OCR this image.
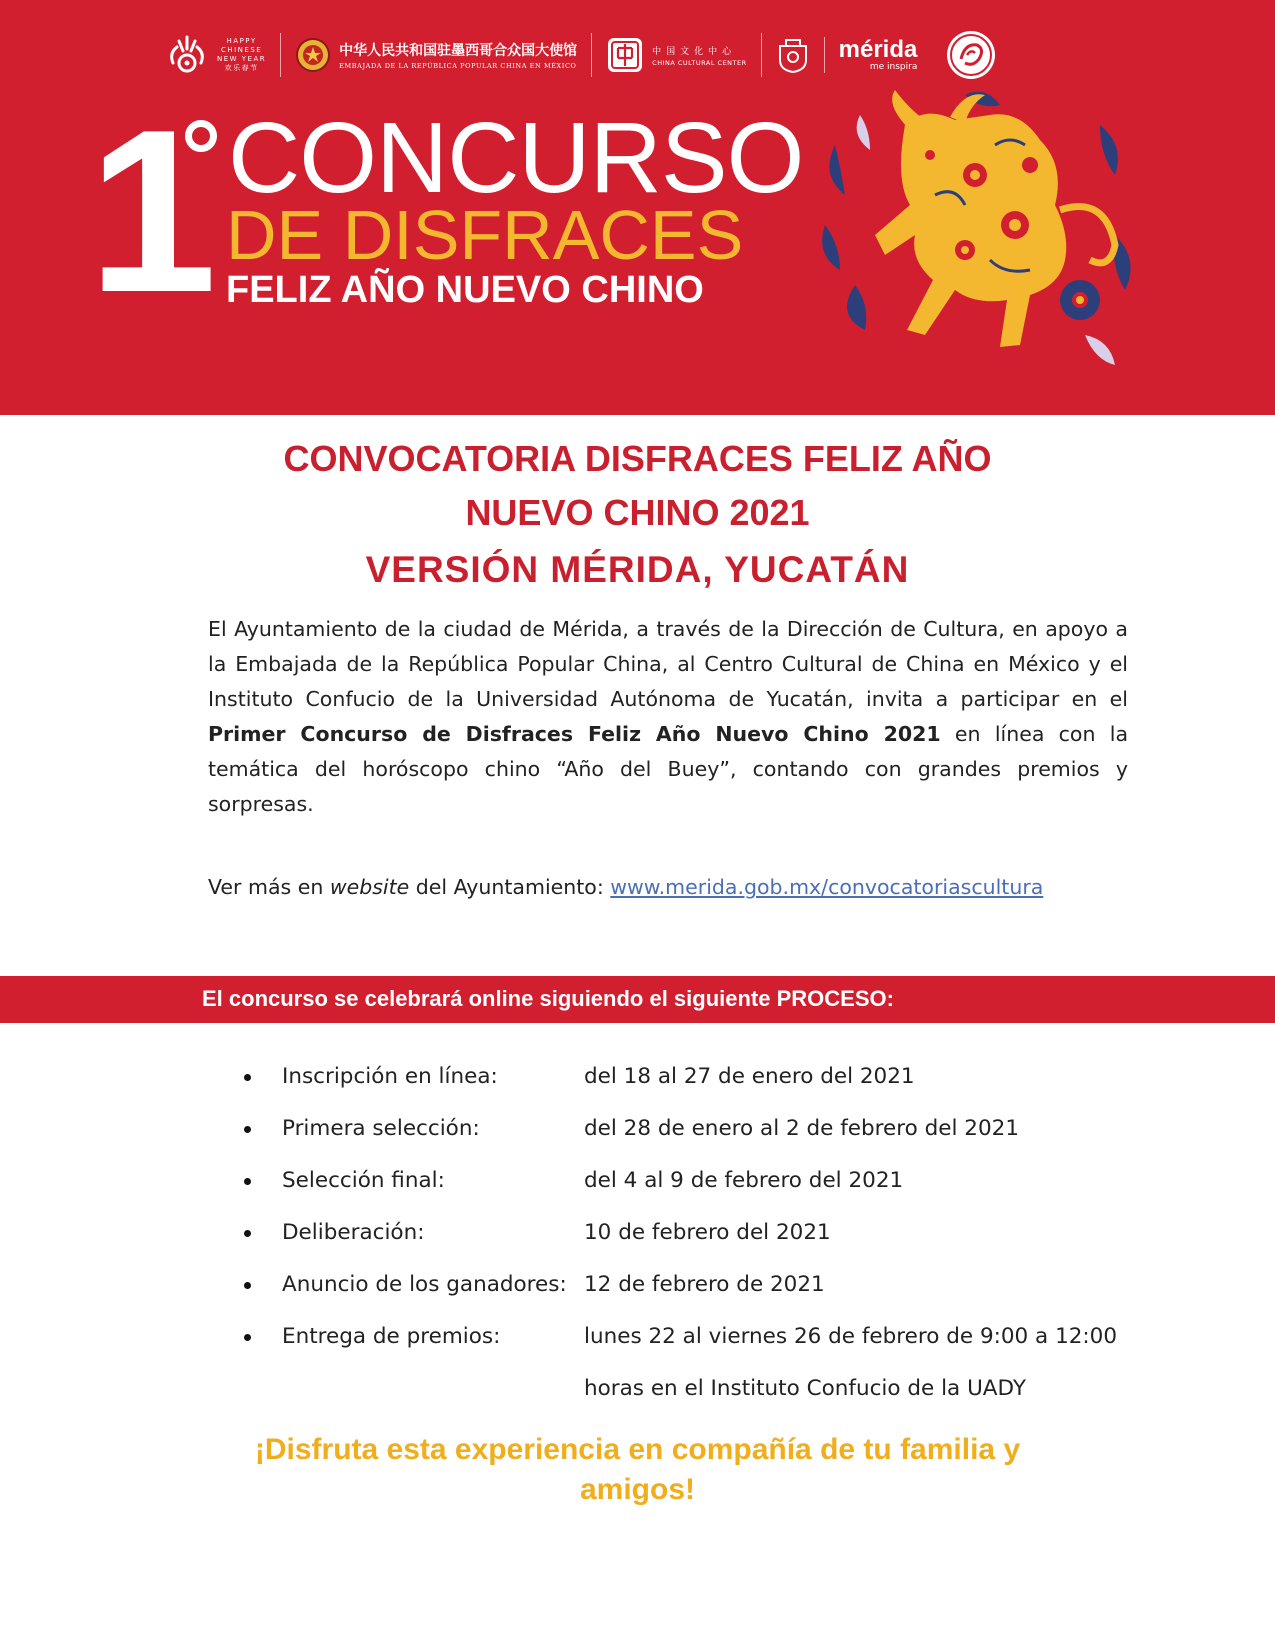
HAPPY
CHINESE
NEW YEAR
欢乐春节
中华人民共和国驻墨西哥合众国大使馆
EMBAJADA DE LA REPÚBLICA POPULAR CHINA EN MÉXICO
中国文化中心
CHINA CULTURAL CENTER	mérida
me inspira
1 CONCURSO
DE DISFRACES
FELIZ AÑO NUEVO CHINO
CONVOCATORIA DISFRACES FELIZ AÑO
NUEVO CHINO 2021
VERSIÓN MÉRIDA, YUCATÁN

El Ayuntamiento de la ciudad de Mérida, a través de la Dirección de Cultura, en apoyo a la Embajada de la República Popular China, al Centro Cultural de China en México y el Instituto Confucio de la Universidad Autónoma de Yucatán, invita a participar en el Primer Concurso de Disfraces Feliz Año Nuevo Chino 2021 en línea con la temática del horóscopo chino “Año del Buey”, contando con grandes premios y sorpresas.

Ver más en website del Ayuntamiento: www.merida.gob.mx/convocatoriascultura

El concurso se celebrará online siguiendo el siguiente PROCESO:
Inscripción en línea:	del 18 al 27 de enero del 2021
Primera selección:	del 28 de enero al 2 de febrero del 2021
Selección final:	del 4 al 9 de febrero del 2021
Deliberación:	10 de febrero del 2021
Anuncio de los ganadores: 12 de febrero de 2021
Entrega de premios:	lunes 22 al viernes 26 de febrero de 9:00 a 12:00 horas en el Instituto Confucio de la UADY

¡Disfruta esta experiencia en compañía de tu familia y amigos!
